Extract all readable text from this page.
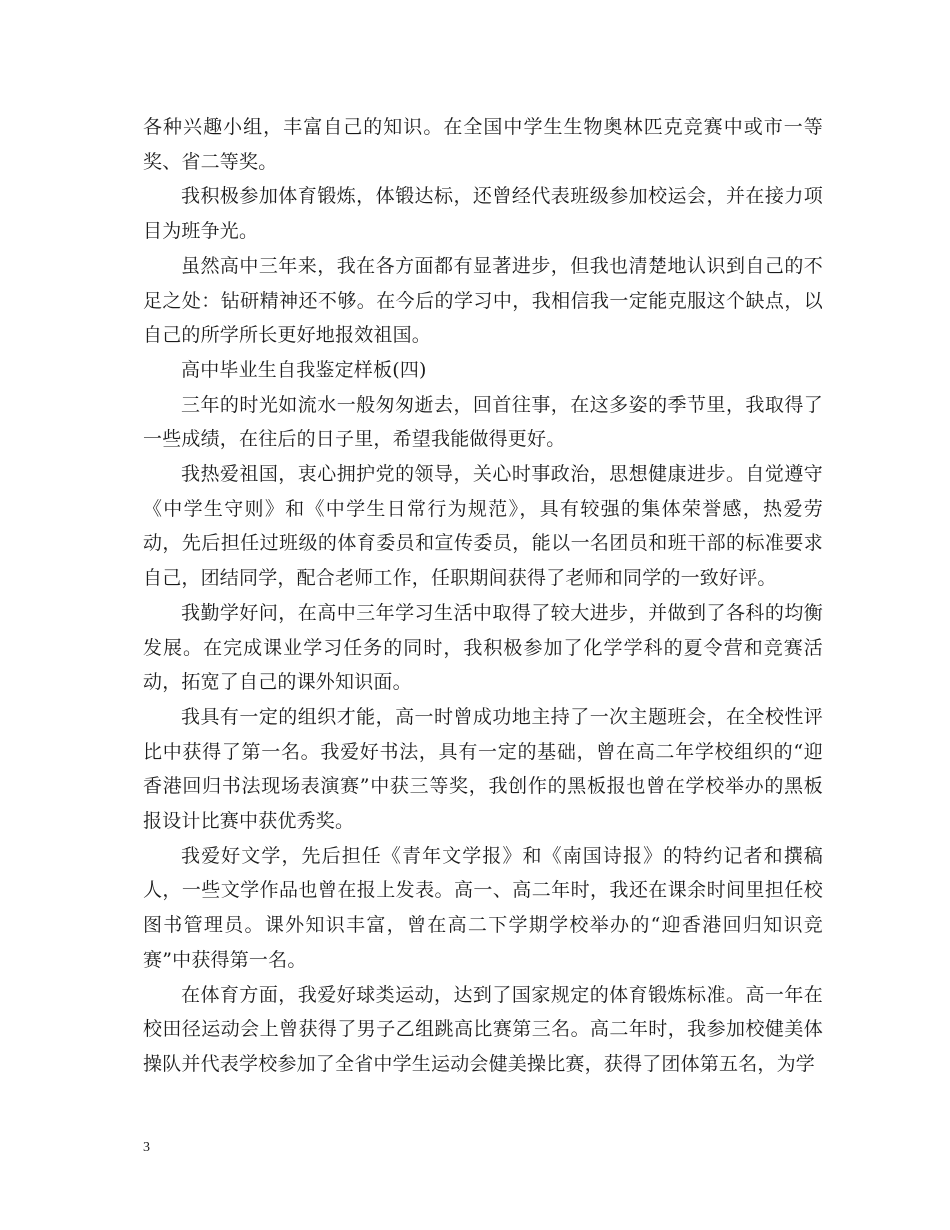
各种兴趣小组，丰富自己的知识。在全国中学生生物奥林匹克竞赛中或市一等奖、省二等奖。

我积极参加体育锻炼，体锻达标，还曾经代表班级参加校运会，并在接力项目为班争光。

虽然高中三年来，我在各方面都有显著进步，但我也清楚地认识到自己的不足之处：钻研精神还不够。在今后的学习中，我相信我一定能克服这个缺点，以自己的所学所长更好地报效祖国。

高中毕业生自我鉴定样板(四)

三年的时光如流水一般匆匆逝去，回首往事，在这多姿的季节里，我取得了一些成绩，在往后的日子里，希望我能做得更好。

我热爱祖国，衷心拥护党的领导，关心时事政治，思想健康进步。自觉遵守《中学生守则》和《中学生日常行为规范》，具有较强的集体荣誉感，热爱劳动，先后担任过班级的体育委员和宣传委员，能以一名团员和班干部的标准要求自己，团结同学，配合老师工作，任职期间获得了老师和同学的一致好评。

我勤学好问，在高中三年学习生活中取得了较大进步，并做到了各科的均衡发展。在完成课业学习任务的同时，我积极参加了化学学科的夏令营和竞赛活动，拓宽了自己的课外知识面。

我具有一定的组织才能，高一时曾成功地主持了一次主题班会，在全校性评比中获得了第一名。我爱好书法，具有一定的基础，曾在高二年学校组织的“迎香港回归书法现场表演赛”中获三等奖，我创作的黑板报也曾在学校举办的黑板报设计比赛中获优秀奖。

我爱好文学，先后担任《青年文学报》和《南国诗报》的特约记者和撰稿人，一些文学作品也曾在报上发表。高一、高二年时，我还在课余时间里担任校图书管理员。课外知识丰富，曾在高二下学期学校举办的“迎香港回归知识竞赛”中获得第一名。

在体育方面，我爱好球类运动，达到了国家规定的体育锻炼标准。高一年在校田径运动会上曾获得了男子乙组跳高比赛第三名。高二年时，我参加校健美体操队并代表学校参加了全省中学生运动会健美操比赛，获得了团体第五名，为学

3
